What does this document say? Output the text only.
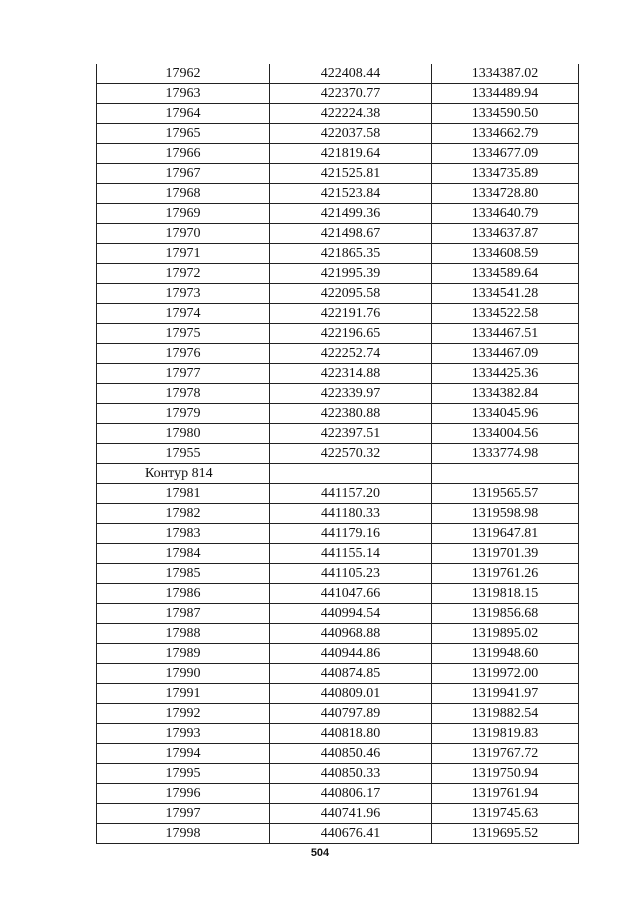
17962	422408.44	1334387.02
17963	422370.77	1334489.94
17964	422224.38	1334590.50
17965	422037.58	1334662.79
17966	421819.64	1334677.09
17967	421525.81	1334735.89
17968	421523.84	1334728.80
17969	421499.36	1334640.79
17970	421498.67	1334637.87
17971	421865.35	1334608.59
17972	421995.39	1334589.64
17973	422095.58	1334541.28
17974	422191.76	1334522.58
17975	422196.65	1334467.51
17976	422252.74	1334467.09
17977	422314.88	1334425.36
17978	422339.97	1334382.84
17979	422380.88	1334045.96
17980	422397.51	1334004.56
17955	422570.32	1333774.98
Контур 814		
17981	441157.20	1319565.57
17982	441180.33	1319598.98
17983	441179.16	1319647.81
17984	441155.14	1319701.39
17985	441105.23	1319761.26
17986	441047.66	1319818.15
17987	440994.54	1319856.68
17988	440968.88	1319895.02
17989	440944.86	1319948.60
17990	440874.85	1319972.00
17991	440809.01	1319941.97
17992	440797.89	1319882.54
17993	440818.80	1319819.83
17994	440850.46	1319767.72
17995	440850.33	1319750.94
17996	440806.17	1319761.94
17997	440741.96	1319745.63
17998	440676.41	1319695.52
504
